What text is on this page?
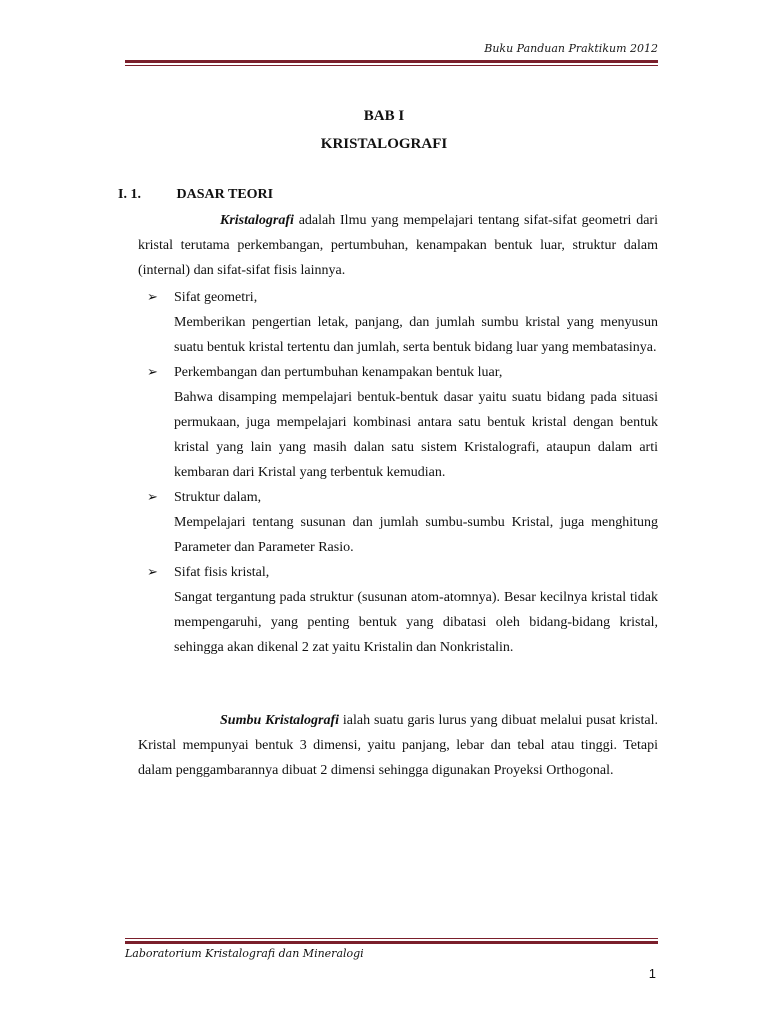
Buku Panduan Praktikum 2012
BAB I
KRISTALOGRAFI
I. 1.	DASAR TEORI
Kristalografi adalah Ilmu yang mempelajari tentang sifat-sifat geometri dari kristal terutama perkembangan, pertumbuhan, kenampakan bentuk luar, struktur dalam (internal) dan sifat-sifat fisis lainnya.
➢ Sifat geometri,
Memberikan pengertian letak, panjang, dan jumlah sumbu kristal yang menyusun suatu bentuk kristal tertentu dan jumlah, serta bentuk bidang luar yang membatasinya.
➢ Perkembangan dan pertumbuhan kenampakan bentuk luar,
Bahwa disamping mempelajari bentuk-bentuk dasar yaitu suatu bidang pada situasi permukaan, juga mempelajari kombinasi antara satu bentuk kristal dengan bentuk kristal yang lain yang masih dalan satu sistem Kristalografi, ataupun dalam arti kembaran dari Kristal yang terbentuk kemudian.
➢ Struktur dalam,
Mempelajari tentang susunan dan jumlah sumbu-sumbu Kristal, juga menghitung Parameter dan Parameter Rasio.
➢ Sifat fisis kristal,
Sangat tergantung pada struktur (susunan atom-atomnya). Besar kecilnya kristal tidak mempengaruhi, yang penting bentuk yang dibatasi oleh bidang-bidang kristal, sehingga akan dikenal 2 zat yaitu Kristalin dan Nonkristalin.
Sumbu Kristalografi ialah suatu garis lurus yang dibuat melalui pusat kristal. Kristal mempunyai bentuk 3 dimensi, yaitu panjang, lebar dan tebal atau tinggi. Tetapi dalam penggambarannya dibuat 2 dimensi sehingga digunakan Proyeksi Orthogonal.
Laboratorium Kristalografi dan Mineralogi
1
